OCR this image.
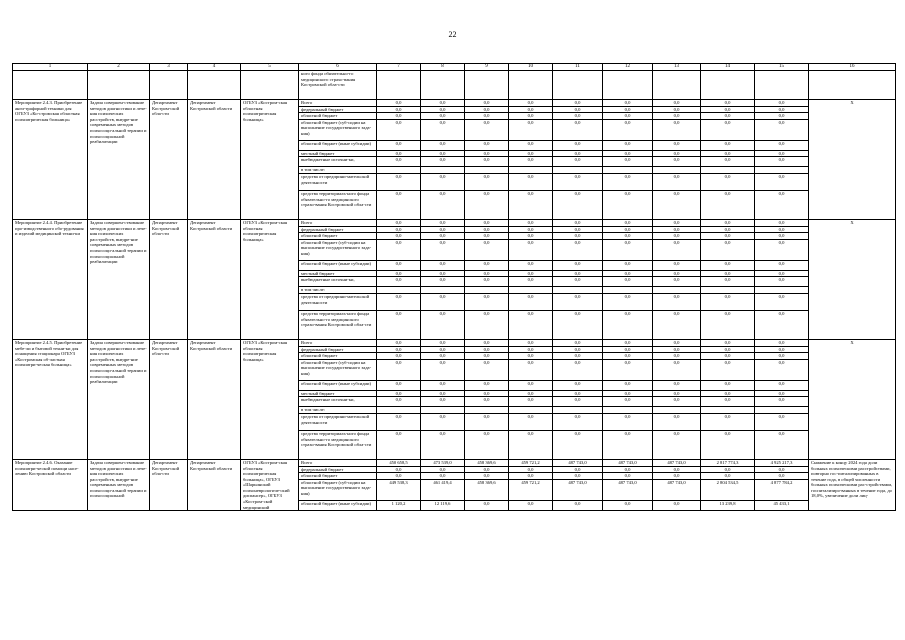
22
1	2	3	4	5	6	7	8	9	10	11	12	13	14	15	16
					ного фонда обязательно-го медицинского страхо-вания Костромской обла-сти										
Мероприятие 2.4.3. Приобретение анги-трафорной техники для ОГБУЗ «Ко-стромская областная психиатрическая больница»	Задача совершен-ствование методов диагностики и лече-ния психических расстройств, внедре-ние современных методов психосоци-альной терапии и психосоциальной реабилитации	Департамент Костром-ской обла-сти	Департамент Костромской области	ОГБУЗ «Костром-ская областная психиатрическая больница»	Всего	0,0	0,0	0,0	0,0	0,0	0,0	0,0	0,0	0,0	X
					федеральный бюджет	0,0	0,0	0,0	0,0	0,0	0,0	0,0	0,0	0,0	
					областной бюджет	0,0	0,0	0,0	0,0	0,0	0,0	0,0	0,0	0,0	
					областной бюджет (суб-сидии на выполнение государственного зада-ния)	0,0	0,0	0,0	0,0	0,0	0,0	0,0	0,0	0,0	
					областной бюджет (иные субсидии)	0,0	0,0	0,0	0,0	0,0	0,0	0,0	0,0	0,0	
					местный бюджет	0,0	0,0	0,0	0,0	0,0	0,0	0,0	0,0	0,0	
					внебюджетные источни-ки,	0,0	0,0	0,0	0,0	0,0	0,0	0,0	0,0	0,0	
					в том числе:										
					средства от предприни-мательской деятельности	0,0	0,0	0,0	0,0	0,0	0,0	0,0	0,0	0,0	
					средства территориаль-ного фонда обязательно-го медицинского страхо-вания Костромской обла-сти	0,0	0,0	0,0	0,0	0,0	0,0	0,0	0,0	0,0	
Мероприятие 2.4.4. Приобретение про-изводственного обо-рудования и изделий медицинской техни-ки	Задача совершен-ствование методов диагностики и лече-ния психических расстройств, внедре-ние современных методов психосоци-альной терапии и психосоциальной реабилитации	Департамент Костром-ской обла-сти	Департамент Костромской области	ОГБУЗ «Костром-ская областная психиатрическая больница»	Всего	0,0	0,0	0,0	0,0	0,0	0,0	0,0	0,0	0,0	X
					федеральный бюджет	0,0	0,0	0,0	0,0	0,0	0,0	0,0	0,0	0,0	
					областной бюджет	0,0	0,0	0,0	0,0	0,0	0,0	0,0	0,0	0,0	
					областной бюджет (суб-сидии на выполнение государственного зада-ния)	0,0	0,0	0,0	0,0	0,0	0,0	0,0	0,0	0,0	
					областной бюджет (иные субсидии)	0,0	0,0	0,0	0,0	0,0	0,0	0,0	0,0	0,0	
					местный бюджет	0,0	0,0	0,0	0,0	0,0	0,0	0,0	0,0	0,0	
					внебюджетные источни-ки,	0,0	0,0	0,0	0,0	0,0	0,0	0,0	0,0	0,0	
					в том числе:										
					средства от предприни-мательской деятельности	0,0	0,0	0,0	0,0	0,0	0,0	0,0	0,0	0,0	
					средства территориаль-ного фонда обязательно-го медицинского страхо-вания Костромской обла-сти	0,0	0,0	0,0	0,0	0,0	0,0	0,0	0,0	0,0	
Мероприятие 2.4.5. Приобретение мебе-ли и бытовой техни-ки для оснащения стационара ОГБУЗ «Костромская об-ластная психиатри-ческая больница»	Задача совершен-ствование методов диагностики и лече-ния психических расстройств, внедре-ние современных методов психосоци-альной терапии и психосоциальной реабилитации	Департамент Костром-ской обла-сти	Департамент Костромской области	ОГБУЗ «Костром-ская областная психиатрическая больница»	Всего	0,0	0,0	0,0	0,0	0,0	0,0	0,0	0,0	0,0	X
					федеральный бюджет	0,0	0,0	0,0	0,0	0,0	0,0	0,0	0,0	0,0	
					областной бюджет	0,0	0,0	0,0	0,0	0,0	0,0	0,0	0,0	0,0	
					областной бюджет (суб-сидии на выполнение государственного зада-ния)	0,0	0,0	0,0	0,0	0,0	0,0	0,0	0,0	0,0	
					областной бюджет (иные субсидии)	0,0	0,0	0,0	0,0	0,0	0,0	0,0	0,0	0,0	
					местный бюджет	0,0	0,0	0,0	0,0	0,0	0,0	0,0	0,0	0,0	
					внебюджетные источни-ки,	0,0	0,0	0,0	0,0	0,0	0,0	0,0	0,0	0,0	
					в том числе:										
					средства от предприни-мательской деятельности	0,0	0,0	0,0	0,0	0,0	0,0	0,0	0,0	0,0	
					средства территориаль-ного фонда обязательно-го медицинского страхо-вания Костромской обла-сти	0,0	0,0	0,0	0,0	0,0	0,0	0,0	0,0	0,0	
Мероприятие 2.4.6. Оказание психиатри-ческой помощи насе-лению Костромской области	Задача совершен-ствование методов диагностики и лече-ния психических расстройств, внедре-ние современных методов психосоци-альной терапии и психосоциальной	Департамент Костром-ской обла-сти	Департамент Костромской области	ОГБУЗ «Костром-ская областная психиатрическая больница», ОГБУЗ «Шарьинский психоневрологиче-ский диспансер», ОГБУЗ «Костром-ской медицинский	Всего	450 658,5	473 539,0	458 369,6	459 721,2	487 743,0	487 743,0	487 743,0	2 817 774,3	4 925 217,3	Снижение к концу 2024 года доли больных психическими расстройствами, повторно гос-питализированных в течение года, в общей численности больных психическими рас-стройствами, госпитализиро-ванных в течение года, до 18,0%, увеличение доли лиц-
					федеральный бюджет	0,0	0,0	0,0	0,0	0,0	0,0	0,0	0,0	0,0	
					областной бюджет	0,0	0,0	0,0	0,0	0,0	0,0	0,0	0,0	0,0	
					областной бюджет (суб-сидии на выполнение государственного зада-ния)	449 538,3	461 419,4	458 369,6	459 721,2	487 743,0	487 743,0	487 743,0	2 804 534,5	4 877 784,2	
					областной бюджет (иные субсидии)	1 120,2	12 119,6	0,0	0,0	0,0	0,0	0,0	13 239,8	45 433,1	
